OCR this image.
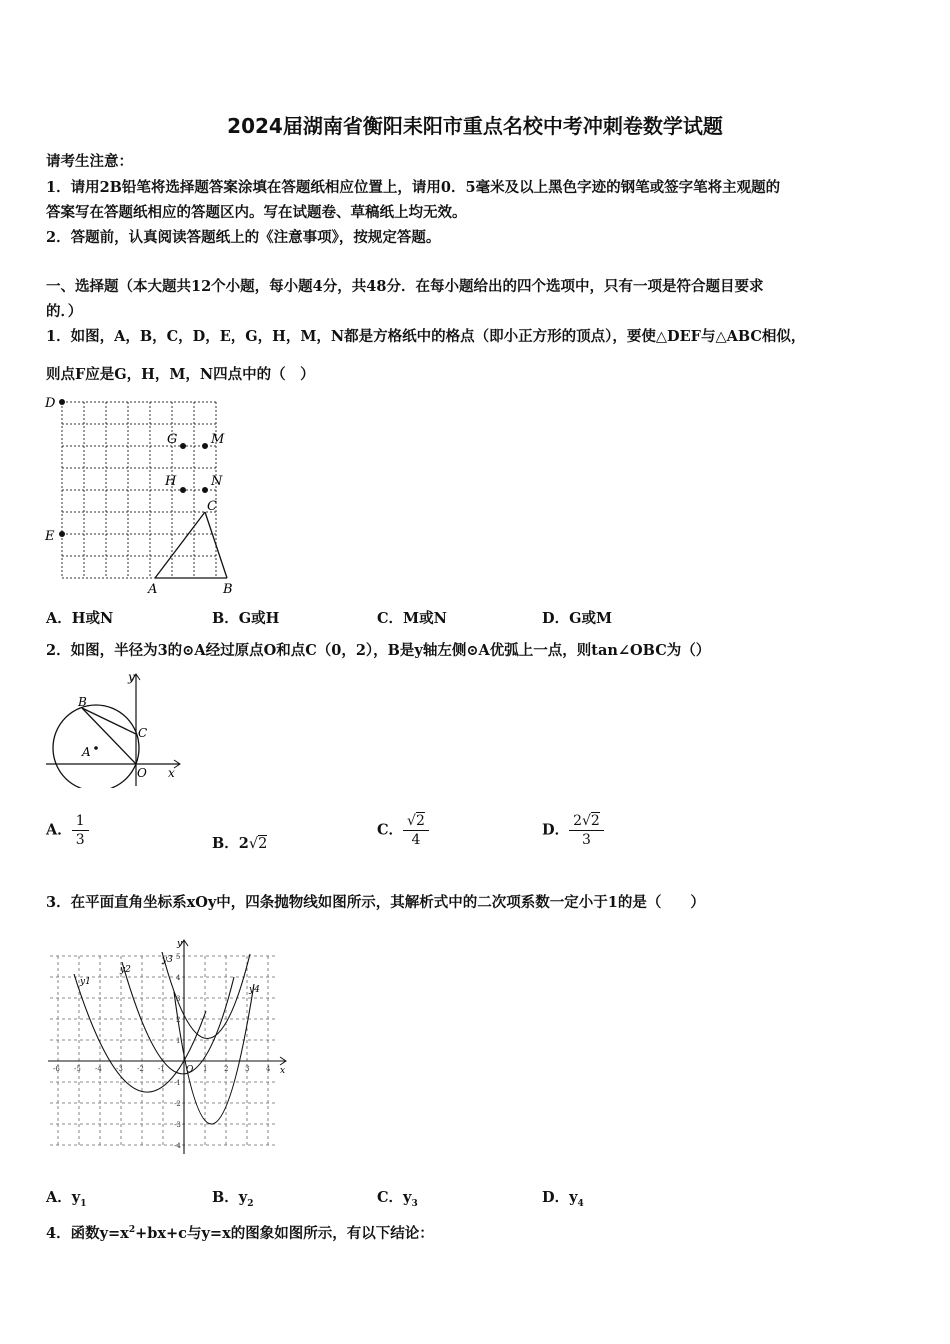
2024届湖南省衡阳耒阳市重点名校中考冲刺卷数学试题
请考生注意：
1．请用2B铅笔将选择题答案涂填在答题纸相应位置上，请用0．5毫米及以上黑色字迹的钢笔或签字笔将主观题的
答案写在答题纸相应的答题区内。写在试题卷、草稿纸上均无效。
2．答题前，认真阅读答题纸上的《注意事项》，按规定答题。
一、选择题（本大题共12个小题，每小题4分，共48分．在每小题给出的四个选项中，只有一项是符合题目要求
的．）
1．如图，A，B，C，D，E，G，H，M，N都是方格纸中的格点（即小正方形的顶点），要使△DEF与△ABC相似，
则点F应是G，H，M，N四点中的（　）
D
G	M
H	N
C
E
A	B
A．H或N	B．G或H	C．M或N	D．G或M
2．如图，半径为3的⊙A经过原点O和点C（0，2），B是y轴左侧⊙A优弧上一点，则tan∠OBC为（）
y
B
C
A
O x
A． $\frac{1}{3}$	B．2√2
C． $\frac{√2}{4}$	D． $\frac{2√2}{3}$
3．在平面直角坐标系xOy中，四条抛物线如图所示，其解析式中的二次项系数一定小于1的是（　　）
y
x
O
y1
y2
y3
y4
-6 -5 -4 -3 -2 -1	1 2 3 4
5
4
3
2
1
-1
-2
-3
-4
A．$y_1$	B．$y_2$	C．$y_3$	D．$y_4$
4．函数$y=x^2+bx+c$与y=x的图象如图所示，有以下结论：
